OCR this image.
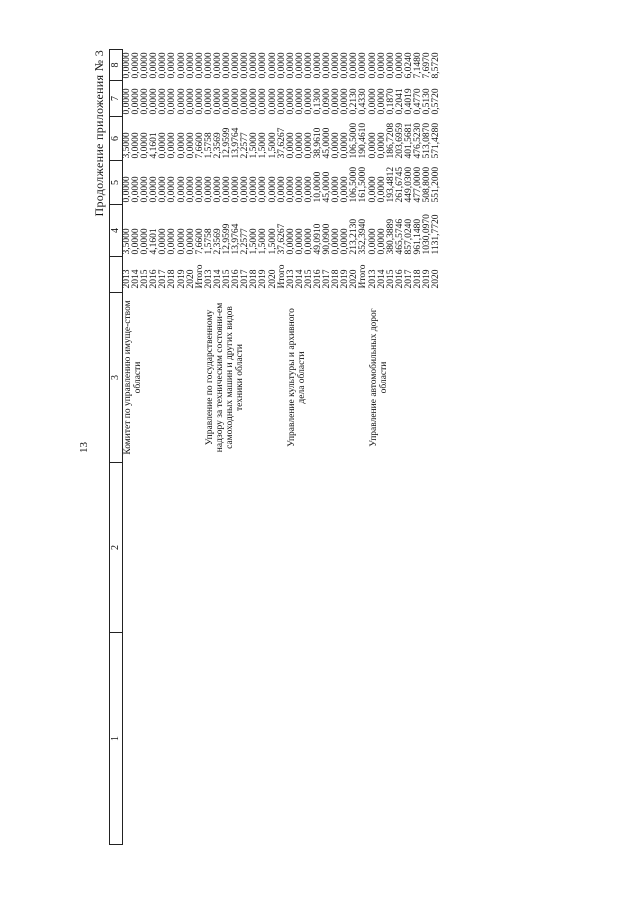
13
Продолжение приложения № 3
1	2	3		4	5	6	7	8
		Комитет по управлению имуще-ством области	2013	3,5000	0,0000	3,5000	0,0000	0,0000
			2014	0,0000	0,0000	0,0000	0,0000	0,0000
			2015	0,0000	0,0000	0,0000	0,0000	0,0000
			2016	4,1601	0,0000	4,1601	0,0000	0,0000
			2017	0,0000	0,0000	0,0000	0,0000	0,0000
			2018	0,0000	0,0000	0,0000	0,0000	0,0000
			2019	0,0000	0,0000	0,0000	0,0000	0,0000
			2020	0,0000	0,0000	0,0000	0,0000	0,0000
			Итого	7,6600	0,0000	7,6600	0,0000	0,0000
		Управление по государственному надзору за техническим состояни-ем самоходных машин и других видов техники области	2013	1,5758	0,0000	1,5758	0,0000	0,0000
			2014	2,3569	0,0000	2,3569	0,0000	0,0000
			2015	12,9599	0,0000	12,9599	0,0000	0,0000
			2016	13,9764	0,0000	13,9764	0,0000	0,0000
			2017	2,2577	0,0000	2,2577	0,0000	0,0000
			2018	1,5000	0,0000	1,5000	0,0000	0,0000
			2019	1,5000	0,0000	1,5000	0,0000	0,0000
			2020	1,5000	0,0000	1,5000	0,0000	0,0000
			Итого	37,6267	0,0000	37,6267	0,0000	0,0000
		Управление культуры и архивного дела области	2013	0,0000	0,0000	0,0000	0,0000	0,0000
			2014	0,0000	0,0000	0,0000	0,0000	0,0000
			2015	0,0000	0,0000	0,0000	0,0000	0,0000
			2016	49,0910	10,0000	38,9610	0,1300	0,0000
			2017	90,0900	45,0000	45,0000	0,0900	0,0000
			2018	0,0000	0,0000	0,0000	0,0000	0,0000
			2019	0,0000	0,0000	0,0000	0,0000	0,0000
			2020	213,2130	106,5000	106,5000	0,2130	0,0000
			Итого	352,3940	161,5000	190,4610	0,4330	0,0000
		Управление автомобильных дорог области	2013	0,0000	0,0000	0,0000	0,0000	0,0000
			2014	0,0000	0,0000	0,0000	0,0000	0,0000
			2015	380,3889	193,4812	186,7208	0,1870	0,0000
			2016	465,5746	261,6745	203,6959	0,2041	0,0000
			2017	857,0240	449,0300	401,5681	0,4019	6,0240
			2018	961,1480	477,0000	476,5230	0,4770	7,1480
			2019	1030,0970	508,8000	513,0870	0,5130	7,6970
			2020	1131,7720	551,2000	571,4280	0,5720	8,5720
